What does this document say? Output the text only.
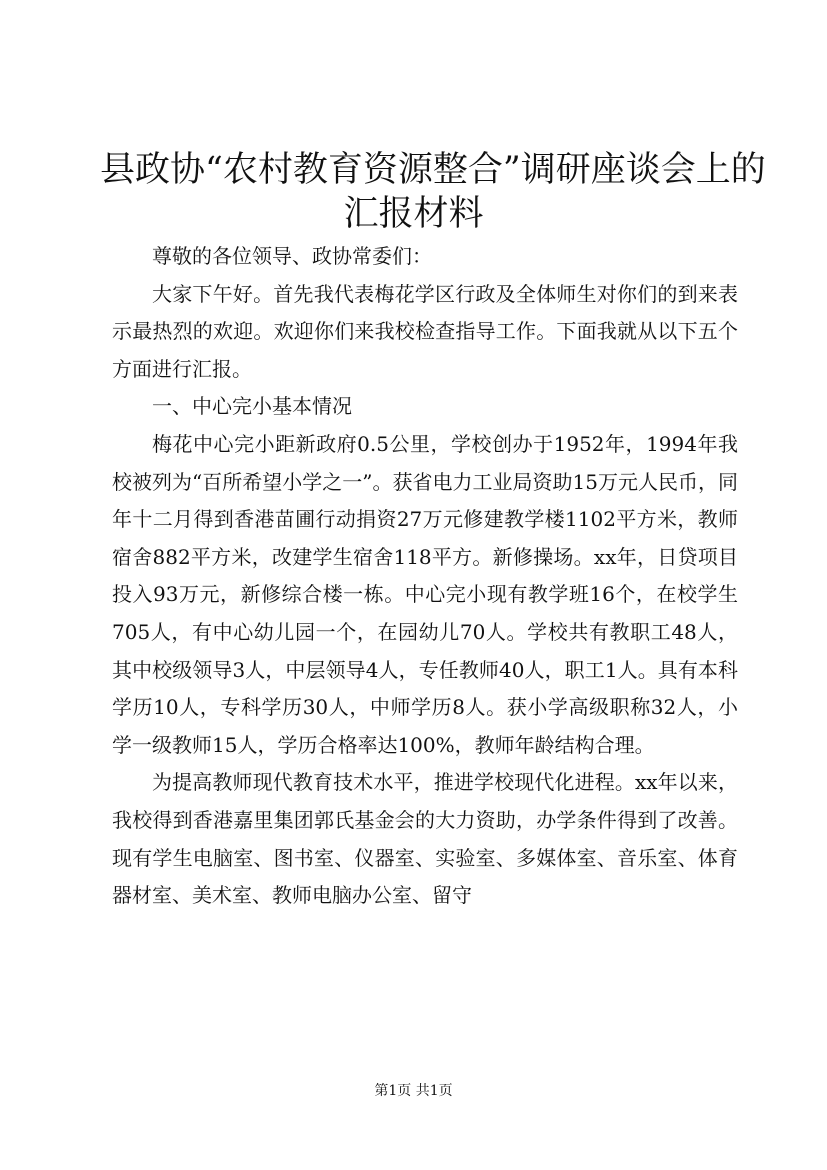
县政协“农村教育资源整合”调研座谈会上的
汇报材料

尊敬的各位领导、政协常委们：

大家下午好。首先我代表梅花学区行政及全体师生对你们的到来表示最热烈的欢迎。欢迎你们来我校检查指导工作。下面我就从以下五个方面进行汇报。

一、中心完小基本情况

梅花中心完小距新政府0.5公里，学校创办于1952年，1994年我校被列为“百所希望小学之一”。获省电力工业局资助15万元人民币，同年十二月得到香港苗圃行动捐资27万元修建教学楼1102平方米，教师宿舍882平方米，改建学生宿舍118平方。新修操场。xx年，日贷项目投入93万元，新修综合楼一栋。中心完小现有教学班16个，在校学生705人，有中心幼儿园一个，在园幼儿70人。学校共有教职工48人，其中校级领导3人，中层领导4人，专任教师40人，职工1人。具有本科学历10人，专科学历30人，中师学历8人。获小学高级职称32人，小学一级教师15人，学历合格率达100%，教师年龄结构合理。

为提高教师现代教育技术水平，推进学校现代化进程。xx年以来，我校得到香港嘉里集团郭氏基金会的大力资助，办学条件得到了改善。现有学生电脑室、图书室、仪器室、实验室、多媒体室、音乐室、体育器材室、美术室、教师电脑办公室、留守

第1页 共1页
